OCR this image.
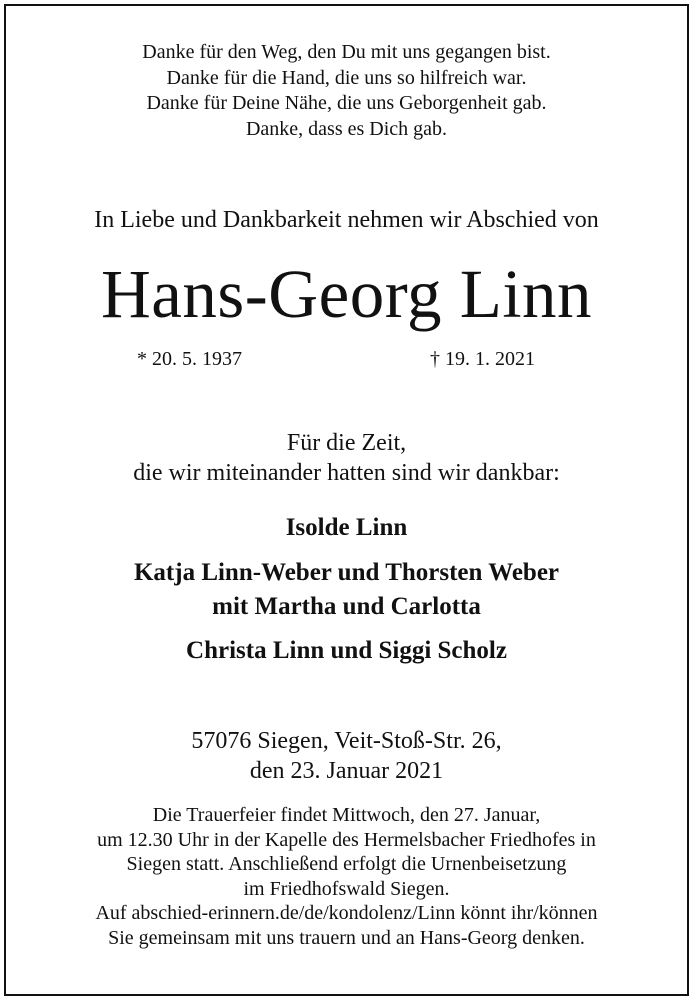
Danke für den Weg, den Du mit uns gegangen bist.
Danke für die Hand, die uns so hilfreich war.
Danke für Deine Nähe, die uns Geborgenheit gab.
Danke, dass es Dich gab.
In Liebe und Dankbarkeit nehmen wir Abschied von
Hans-Georg Linn
* 20. 5. 1937	† 19. 1. 2021
Für die Zeit,
die wir miteinander hatten sind wir dankbar:
Isolde Linn
Katja Linn-Weber und Thorsten Weber
mit Martha und Carlotta
Christa Linn und Siggi Scholz
57076 Siegen, Veit-Stoß-Str. 26,
den 23. Januar 2021
Die Trauerfeier findet Mittwoch, den 27. Januar,
um 12.30 Uhr in der Kapelle des Hermelsbacher Friedhofes in
Siegen statt. Anschließend erfolgt die Urnenbeisetzung
im Friedhofswald Siegen.
Auf abschied-erinnern.de/de/kondolenz/Linn könnt ihr/können
Sie gemeinsam mit uns trauern und an Hans-Georg denken.
